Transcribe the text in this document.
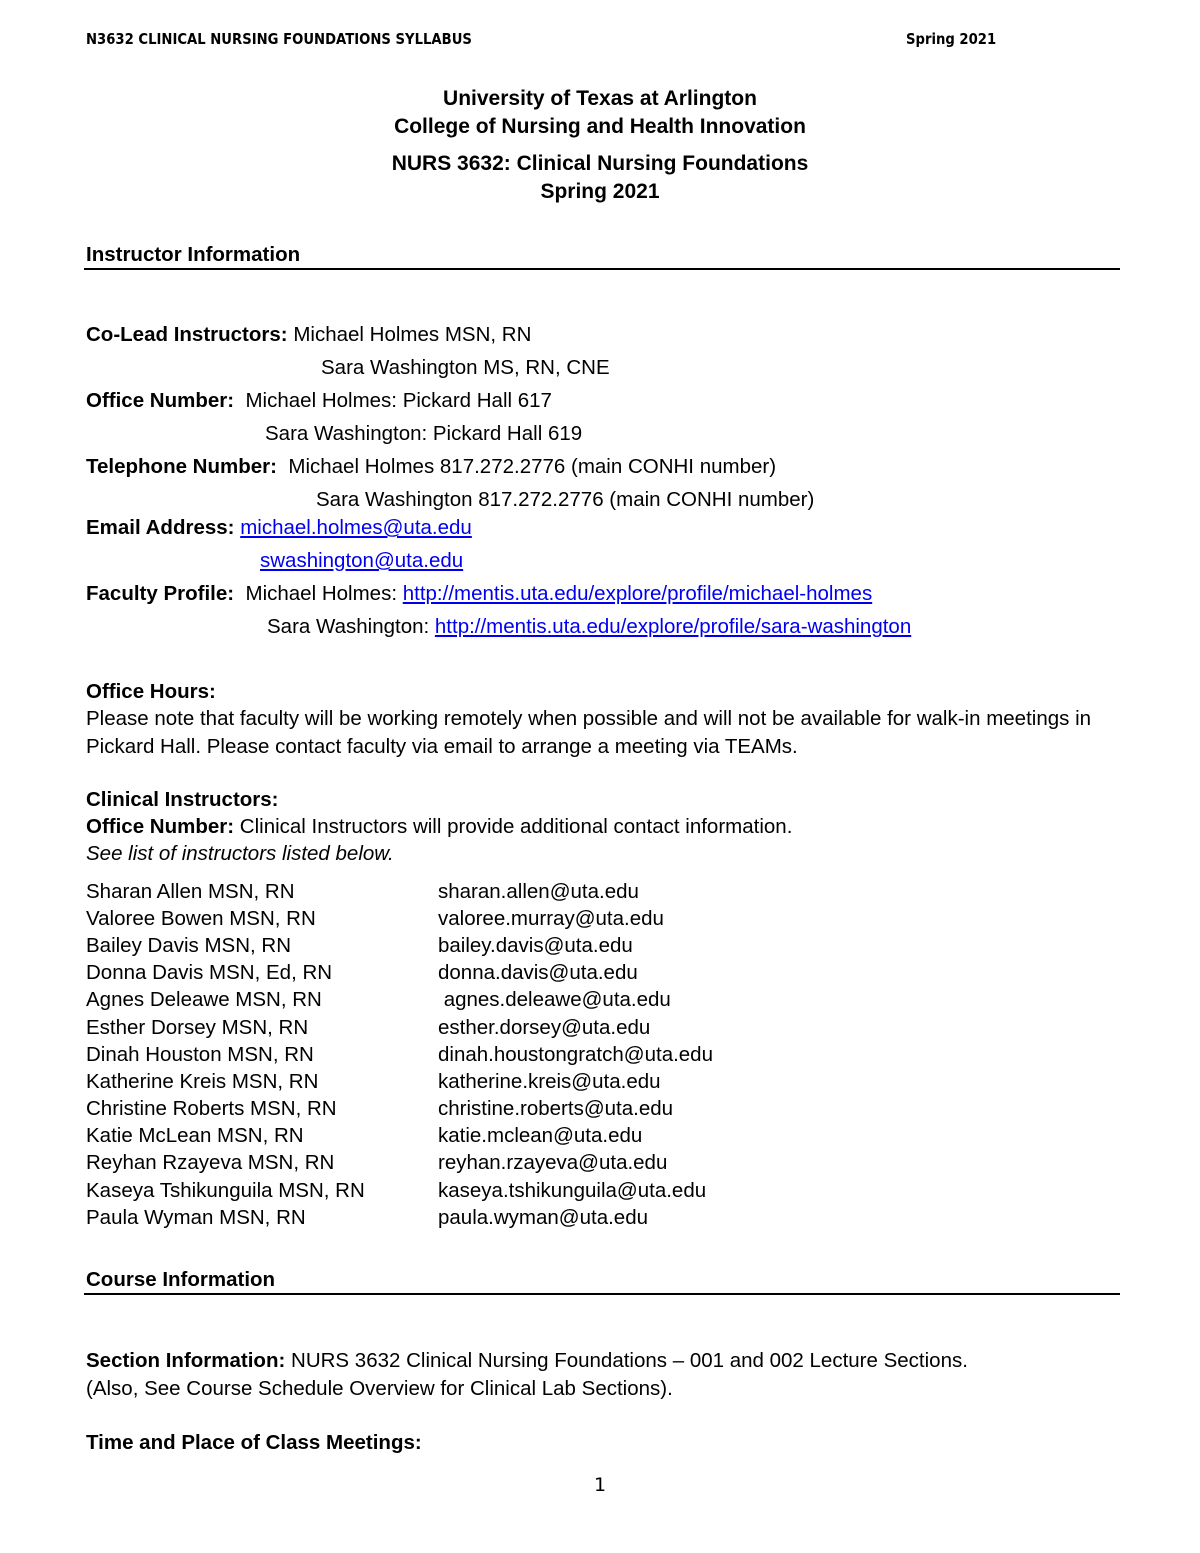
N3632 CLINICAL NURSING FOUNDATIONS SYLLABUS	Spring 2021
University of Texas at Arlington
College of Nursing and Health Innovation
NURS 3632: Clinical Nursing Foundations
Spring 2021
Instructor Information
Co-Lead Instructors: Michael Holmes MSN, RN
Sara Washington MS, RN, CNE
Office Number: Michael Holmes: Pickard Hall 617
Sara Washington: Pickard Hall 619
Telephone Number: Michael Holmes 817.272.2776 (main CONHI number)
Sara Washington 817.272.2776 (main CONHI number)
Email Address: michael.holmes@uta.edu
swashington@uta.edu
Faculty Profile: Michael Holmes: http://mentis.uta.edu/explore/profile/michael-holmes
Sara Washington: http://mentis.uta.edu/explore/profile/sara-washington
Office Hours:
Please note that faculty will be working remotely when possible and will not be available for walk-in meetings in Pickard Hall. Please contact faculty via email to arrange a meeting via TEAMs.
Clinical Instructors:
Office Number: Clinical Instructors will provide additional contact information.
See list of instructors listed below.
Sharan Allen MSN, RN	sharan.allen@uta.edu
Valoree Bowen MSN, RN	valoree.murray@uta.edu
Bailey Davis MSN, RN	bailey.davis@uta.edu
Donna Davis MSN, Ed, RN	donna.davis@uta.edu
Agnes Deleawe MSN, RN	agnes.deleawe@uta.edu
Esther Dorsey MSN, RN	esther.dorsey@uta.edu
Dinah Houston MSN, RN	dinah.houstongratch@uta.edu
Katherine Kreis MSN, RN	katherine.kreis@uta.edu
Christine Roberts MSN, RN	christine.roberts@uta.edu
Katie McLean MSN, RN	katie.mclean@uta.edu
Reyhan Rzayeva MSN, RN	reyhan.rzayeva@uta.edu
Kaseya Tshikunguila MSN, RN	kaseya.tshikunguila@uta.edu
Paula Wyman MSN, RN	paula.wyman@uta.edu
Course Information
Section Information: NURS 3632 Clinical Nursing Foundations – 001 and 002 Lecture Sections.
(Also, See Course Schedule Overview for Clinical Lab Sections).
Time and Place of Class Meetings:
1
